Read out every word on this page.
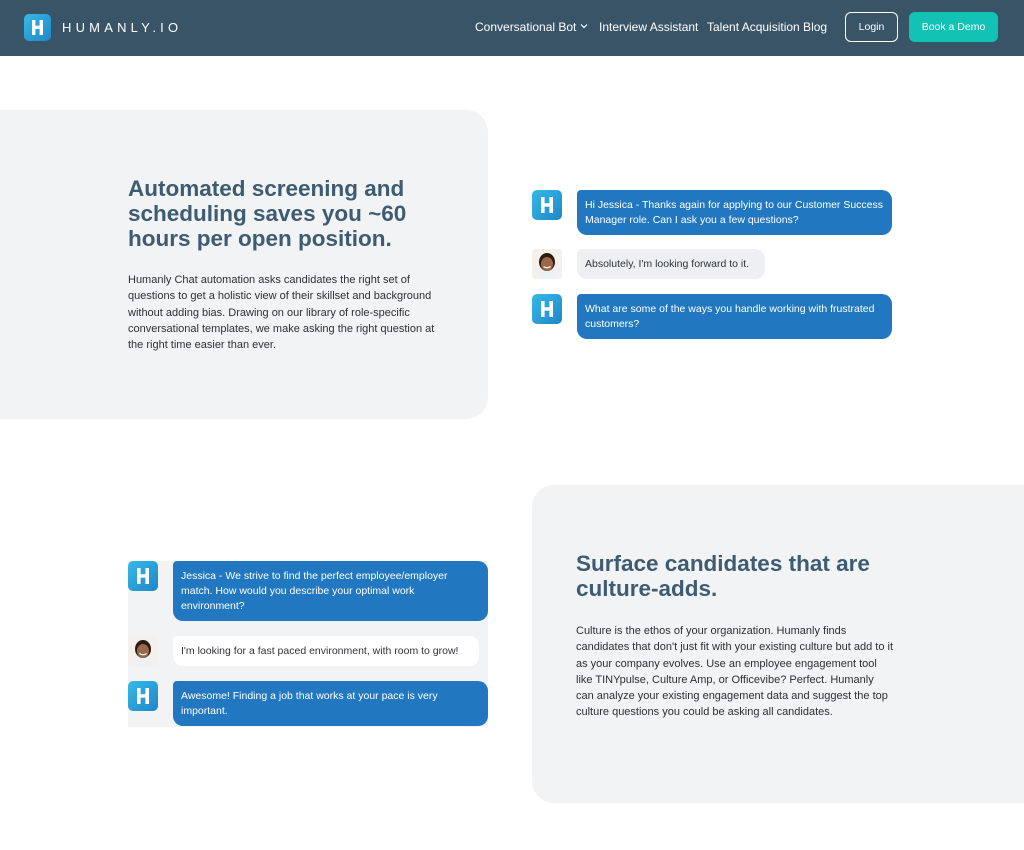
HUMANLY.IO	Conversational Bot Interview Assistant Talent Acquisition Blog	Login	Book a Demo
Automated screening and scheduling saves you ~60 hours per open position.

Humanly Chat automation asks candidates the right set of questions to get a holistic view of their skillset and background without adding bias. Drawing on our library of role-specific conversational templates, we make asking the right question at the right time easier than ever.

Hi Jessica - Thanks again for applying to our Customer Success Manager role. Can I ask you a few questions?
Absolutely, I'm looking forward to it.
What are some of the ways you handle working with frustrated customers?
Surface candidates that are culture-adds.

Culture is the ethos of your organization. Humanly finds candidates that don't just fit with your existing culture but add to it as your company evolves. Use an employee engagement tool like TINYpulse, Culture Amp, or Officevibe? Perfect. Humanly can analyze your existing engagement data and suggest the top culture questions you could be asking all candidates.

Jessica - We strive to find the perfect employee/employer match. How would you describe your optimal work environment?
I'm looking for a fast paced environment, with room to grow!
Awesome! Finding a job that works at your pace is very important.
